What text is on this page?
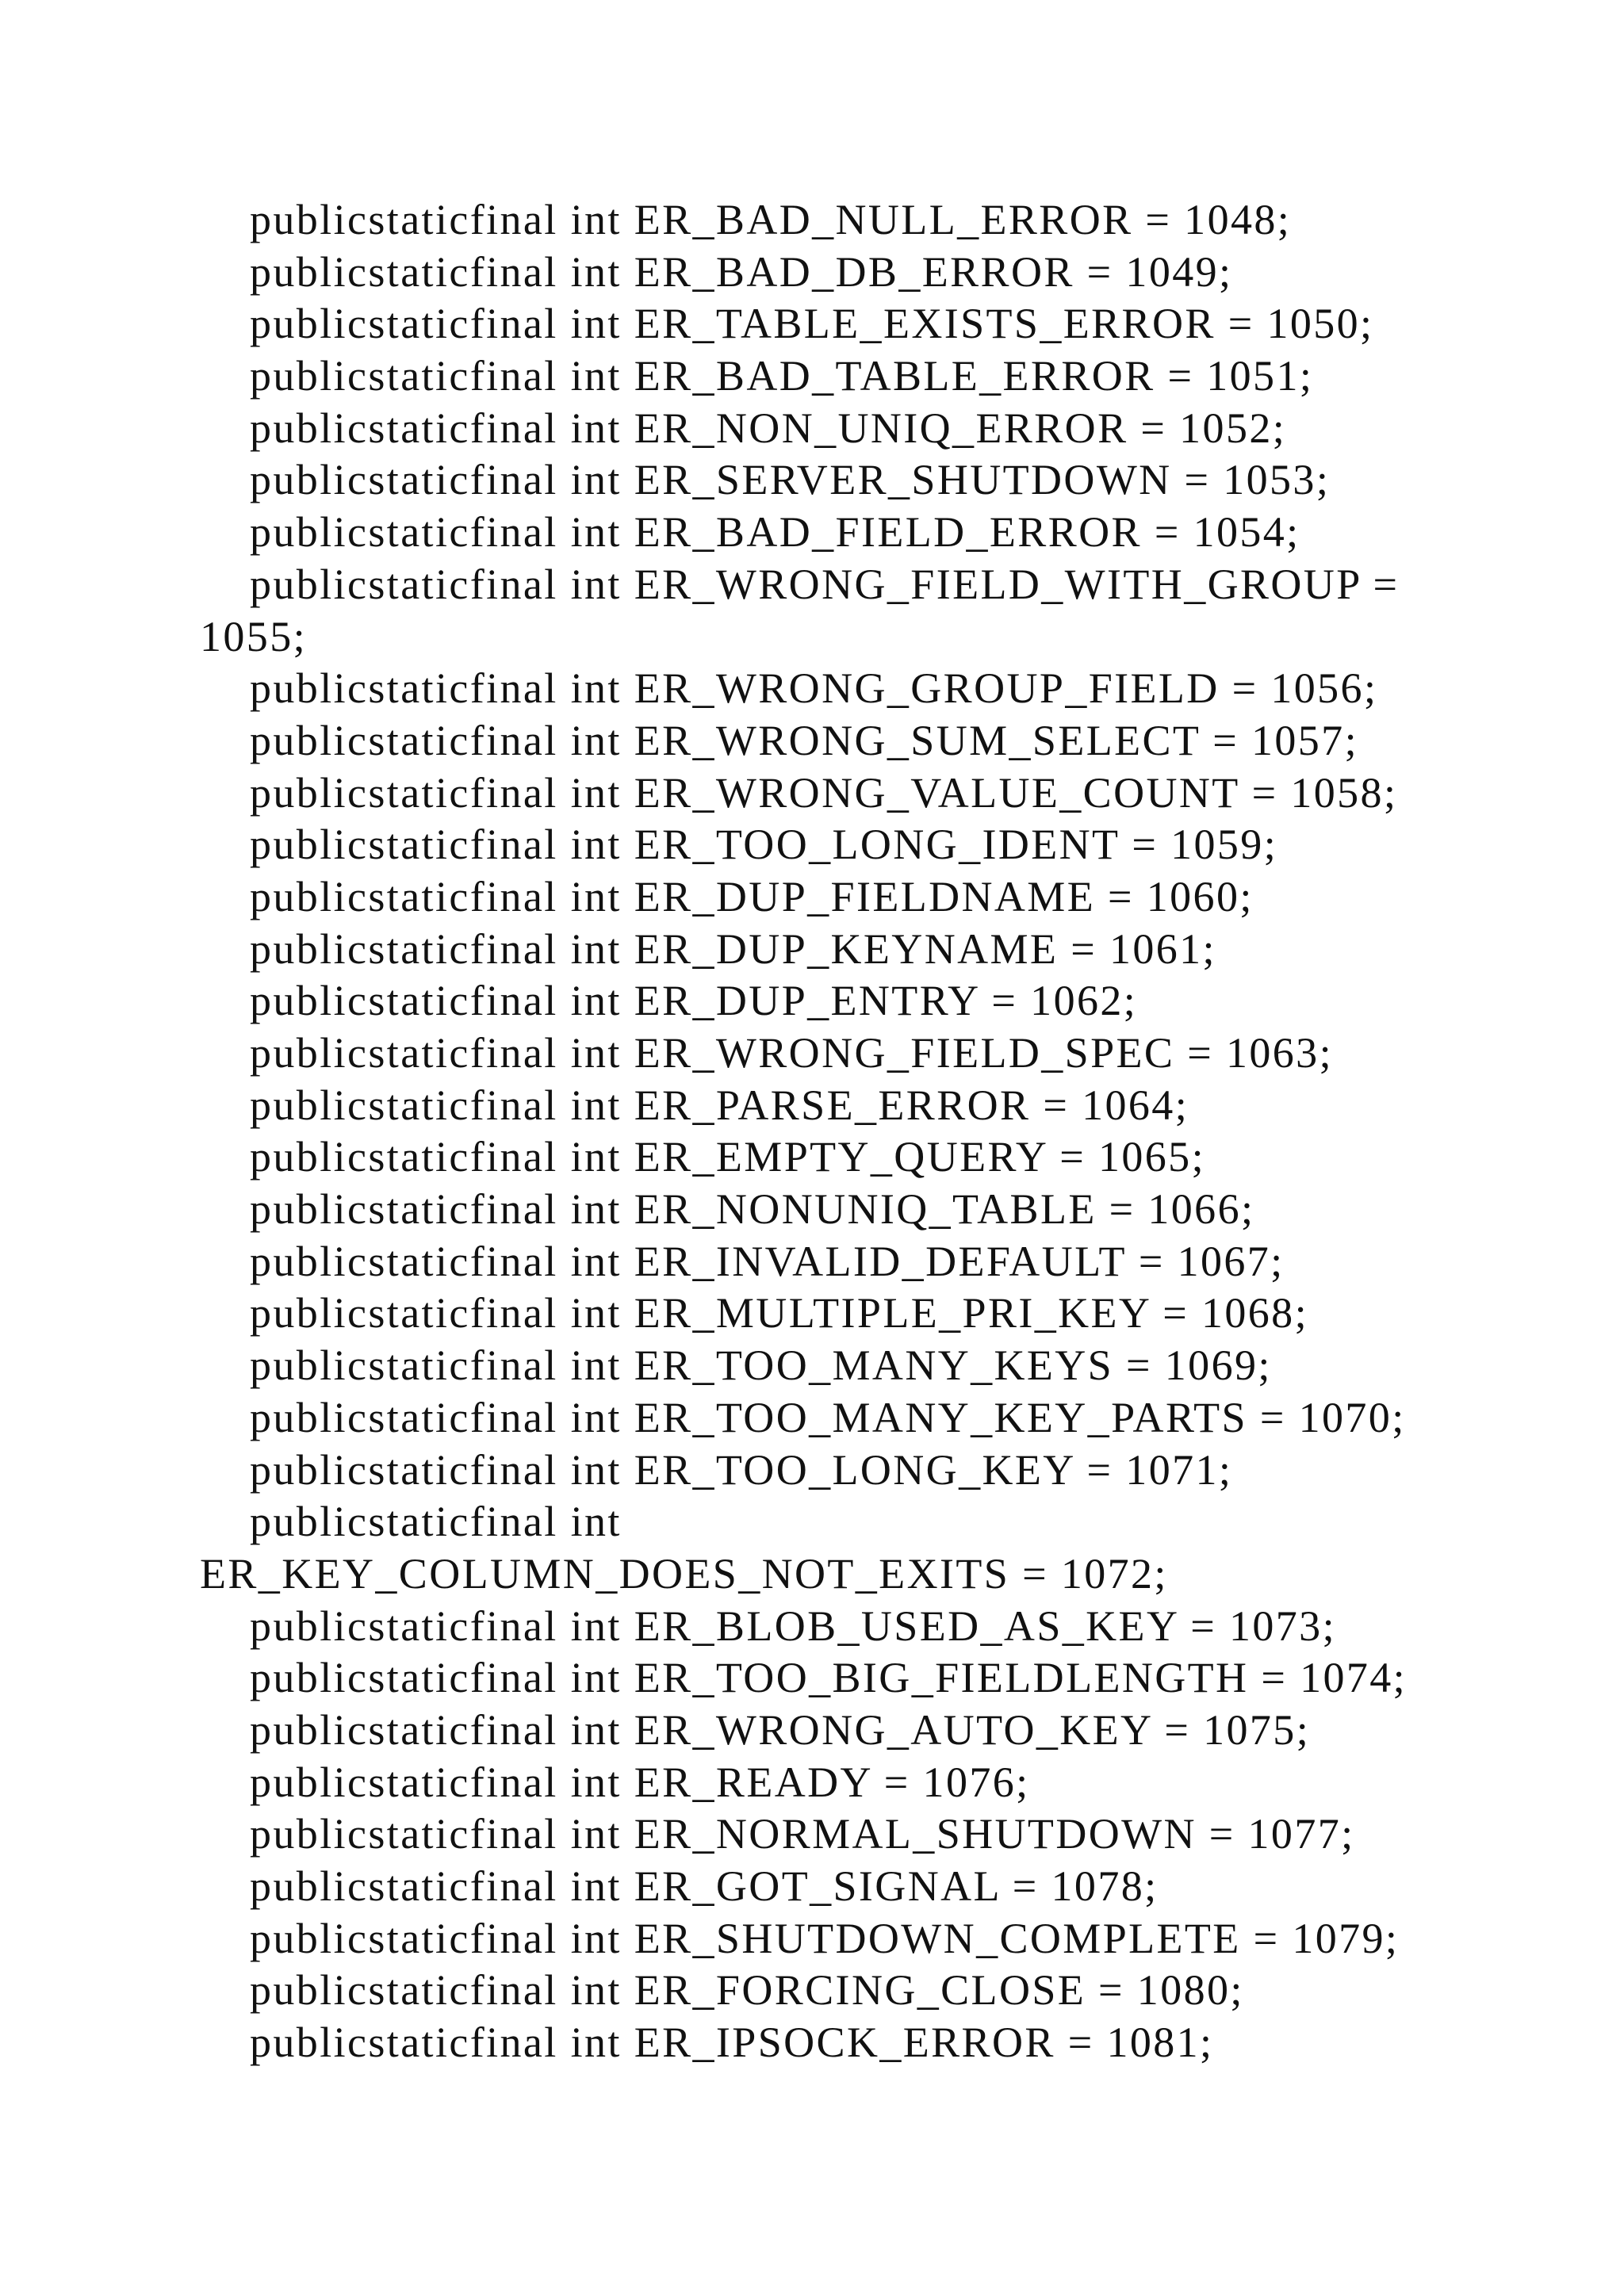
publicstaticfinal int ER_BAD_NULL_ERROR = 1048;
publicstaticfinal int ER_BAD_DB_ERROR = 1049;
publicstaticfinal int ER_TABLE_EXISTS_ERROR = 1050;
publicstaticfinal int ER_BAD_TABLE_ERROR = 1051;
publicstaticfinal int ER_NON_UNIQ_ERROR = 1052;
publicstaticfinal int ER_SERVER_SHUTDOWN = 1053;
publicstaticfinal int ER_BAD_FIELD_ERROR = 1054;
publicstaticfinal int ER_WRONG_FIELD_WITH_GROUP =
1055;
publicstaticfinal int ER_WRONG_GROUP_FIELD = 1056;
publicstaticfinal int ER_WRONG_SUM_SELECT = 1057;
publicstaticfinal int ER_WRONG_VALUE_COUNT = 1058;
publicstaticfinal int ER_TOO_LONG_IDENT = 1059;
publicstaticfinal int ER_DUP_FIELDNAME = 1060;
publicstaticfinal int ER_DUP_KEYNAME = 1061;
publicstaticfinal int ER_DUP_ENTRY = 1062;
publicstaticfinal int ER_WRONG_FIELD_SPEC = 1063;
publicstaticfinal int ER_PARSE_ERROR = 1064;
publicstaticfinal int ER_EMPTY_QUERY = 1065;
publicstaticfinal int ER_NONUNIQ_TABLE = 1066;
publicstaticfinal int ER_INVALID_DEFAULT = 1067;
publicstaticfinal int ER_MULTIPLE_PRI_KEY = 1068;
publicstaticfinal int ER_TOO_MANY_KEYS = 1069;
publicstaticfinal int ER_TOO_MANY_KEY_PARTS = 1070;
publicstaticfinal int ER_TOO_LONG_KEY = 1071;
publicstaticfinal int
ER_KEY_COLUMN_DOES_NOT_EXITS = 1072;
publicstaticfinal int ER_BLOB_USED_AS_KEY = 1073;
publicstaticfinal int ER_TOO_BIG_FIELDLENGTH = 1074;
publicstaticfinal int ER_WRONG_AUTO_KEY = 1075;
publicstaticfinal int ER_READY = 1076;
publicstaticfinal int ER_NORMAL_SHUTDOWN = 1077;
publicstaticfinal int ER_GOT_SIGNAL = 1078;
publicstaticfinal int ER_SHUTDOWN_COMPLETE = 1079;
publicstaticfinal int ER_FORCING_CLOSE = 1080;
publicstaticfinal int ER_IPSOCK_ERROR = 1081;
